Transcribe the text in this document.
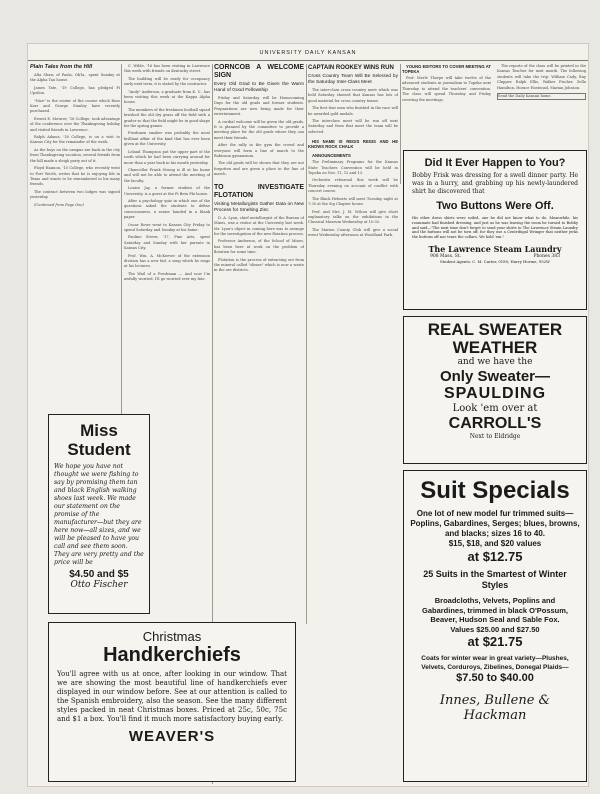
UNIVERSITY DAILY KANSAN

Plain Tales from the Hill

Alta Shaw, of Paola, Ok'la., spent Sunday at the Alpha Tau house.

James Tate, '19 College, has pledged Pi Upsilon.

"Nize" is the center of the course which Ross Karr and George Stanley have recently purchased.

Ernest E. Mowrer, '16 College, took advantage of the conference over the Thanksgiving holiday and visited friends in Lawrence.

Ralph Adams, '16 College, is on a visit to Kansas City for the remainder of the week.

As the boys on the campus are back in the city from Thanksgiving vacation, several friends from the hill made a sleigh party out of it.

Floyd Hannon, '15 College, who recently went to Fort Worth, writes that he is enjoying life in Texas and wants to be remembered to his many friends.

The contract between two lodges was signed yesterday.

(Continued from Page One)

C. Wilde, '16 has been visiting in Lawrence this week with friends on Kentucky street.

The building will be ready for occupancy early next term, it is stated by the contractor.

"Andy" Anderson, a graduate from K. U., has been visiting this week at the Kappa Alpha house.

The members of the freshmen football squad brushed the old dry grass off the field with a grader so that the field might be in good shape for the spring games.

Freshmen smoker was probably the most brilliant affair of the kind that has ever been given at the University.

Leland Thompson put the upper part of the tooth which he had been carrying around for more than a year back in his mouth yesterday.

Chancellor Frank Strong is ill at his home and will not be able to attend the meeting of the faculty.

Louise Jay, a former student of the University, is a guest at the Pi Beta Phi house.

After a psychology quiz in which one of the questions asked the students to define consciousness, a senior handed in a blank paper.

Oscar Rowe went to Kansas City Friday to spend Saturday and Sunday at his home.

Pauline Stever, '17, Fine Arts, spent Saturday and Sunday with her parents in Kansas City.

Prof. Wm. A. McKeever of the extension division has a new fad, a song which he sings at his lectures.

The Wail of a Freshman — And now I'm awfully worried, I'll go worried ever my fate.

CORNCOB A WELCOME SIGN

Every Old Grad to Be Given the Warm Hand of Good Fellowship

Friday and Saturday will be Homecoming Days for the old grads and former students. Preparations are now being made for their entertainment.

A cordial welcome will be given the old grads. It is planned by the committee to provide a meeting place for the old grads where they can meet their friends.

After the rally in the gym the crowd and everyone will form a line of march to the Robinson gymnasium.

The old grads will be shown that they are not forgotten and are given a place in the line of march.

TO INVESTIGATE FLOTATION

Visiting Metallurgists Gather Data on New Process for Smelting Zinc

D. A. Lyon, chief metallurgist of the Bureau of Mines, was a visitor at the University last week. Mr. Lyon's object in coming here was to arrange for the investigation of the new flotation process.

Professor Anderson, of the School of Mines, has been here at work on the problem of flotation for some time.

Flotation is the process of extracting ore from the mineral called "slimes" which is now a waste in the ore districts.

CAPTAIN ROOKEY WINS RUN

Cross Country Team Will Be Selected by the Saturday Inter-Class Meet

The inter-class cross country meet which was held Saturday showed that Kansas has lots of good material for cross country teams.

The first four men who finished in the race will be awarded gold medals.

The interclass meet will be run off next Saturday and from that meet the team will be selected.

HIS NAME IS REGIS REGIS AND HE KNOWS ROCK CHALK

ANNOUNCEMENTS

The Preliminary Programs for the Kansas State Teachers Convention will be held in Topeka on Nov. 11, 12 and 13.

Orchestra rehearsal this week will be Thursday evening on account of conflict with concert course.

The Black Helmets will meet Tuesday night at 7:30 at the Sig Chapter house.

Prof. and Mrs. J. M. Wilcox will give short explanatory talks on the exhibitions in the Classical Museum Wednesday at 10:30.

The Marion County Club will give a social event Wednesday afternoon at Woodland Park.

YOUNG EDITORS TO COVER MEETING AT TOPEKA

Prof. Merle Thorpe will take twelve of the advanced students in journalism to Topeka next Thursday to attend the teachers' convention. The class will spend Thursday and Friday covering the meetings.

The reports of the class will be printed in the Kansas Teacher for next month. The following students will take the trip: William Cady, Ray Clapper, Ralph Ellis, Walker Fischer, Zella Hamilton, Horace Hosteoad, Marian Johnson.

Send the Daily Kansan home.

Did It Ever Happen to You?
Bobby Frisk was dressing for a swell dinner party. He was in a hurry, and grabbing up his newly-laundered shirt he discovered that
Two Buttons Were Off.
His other dress shirts were soiled, one he did not know what to do. Meanwhile, his roommate had finished dressing, and just as he was leaving the room he turned to Bobby and said—"The next time don't forget to send your shirts to The Lawrence Steam Laundry and the buttons will not be torn off, for they use a Centrifugal Wringer that neither jerks the buttons off nor tears the collars. We hold 'em."
The Lawrence Steam Laundry
908 Mass. St.	Phones 383
Student Agents: C. M. Carter, 0180; Harry Horine, 952W
REAL SWEATER
WEATHER
and we have the
Only Sweater—
SPAULDING
Look 'em over at
CARROLL'S
Next to Eldridge
Suit Specials
One lot of new model fur trimmed suits—Poplins, Gabardines, Serges; blues, browns, and blacks; sizes 16 to 40.
$15, $18, and $20 values
at $12.75
25 Suits in the Smartest of Winter Styles
Broadcloths, Velvets, Poplins and Gabardines, trimmed in black O'Possum, Beaver, Hudson Seal and Sable Fox. Values $25.00 and $27.50
at $21.75
Coats for winter wear in great variety—Plushes, Velvets, Corduroys, Zibelines, Donegal Plaids—
$7.50 to $40.00
Innes, Bullene & Hackman
Miss Student
We hope you have not thought we were fishing to say by promising them tan and black English walking shoes last week. We made our statement on the promise of the manufacturer—but they are here now—all sizes, and we will be pleased to have you call and see them soon. They are very pretty and the price will be
$4.50 and $5
Otto Fischer
Christmas
Handkerchiefs
You'll agree with us at once, after looking in our window. That we are showing the most beautiful line of handkerchiefs ever displayed in our window before. See at our attention is called to the Spanish embroidery, also the season. See the many different styles packed in neat Christmas boxes. Priced at 25c, 50c, 75c and $1 a box. You'll find it much more satisfactory buying early.
WEAVER'S
